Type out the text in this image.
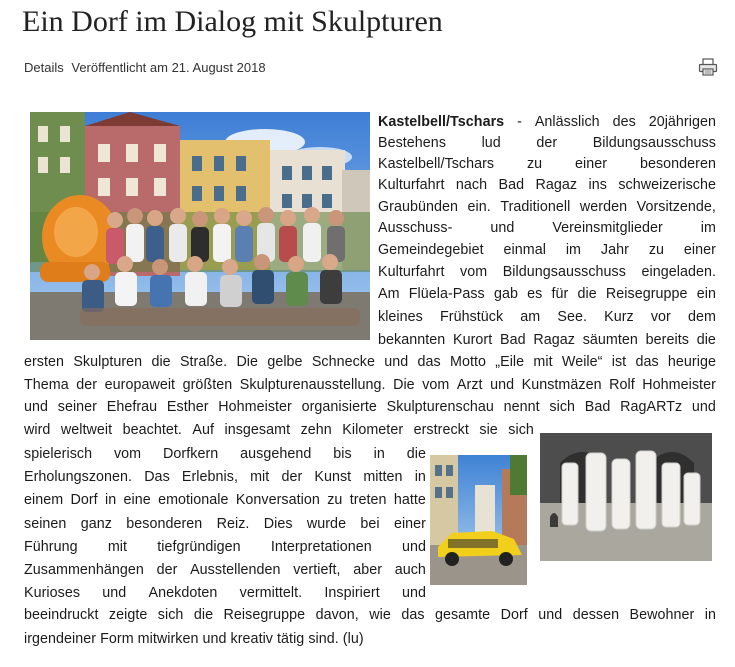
Ein Dorf im Dialog mit Skulpturen
Details Veröffentlicht am 21. August 2018
Kastelbell/Tschars - Anlässlich des 20jährigen
Bestehens lud der Bildungsausschuss
Kastelbell/Tschars zu einer besonderen
Kulturfahrt nach Bad Ragaz ins schweizerische
Graubünden ein. Traditionell werden Vorsitzende,
Ausschuss-	und	Vereinsmitglieder	im
Gemeindegebiet einmal im Jahr zu einer
Kulturfahrt vom Bildungsausschuss eingeladen.
Am Flüela-Pass gab es für die Reisegruppe ein
kleines Frühstück am See. Kurz vor dem
bekannten Kurort Bad Ragaz säumten bereits die
ersten Skulpturen die Straße. Die gelbe Schnecke und das Motto „Eile mit Weile“ ist das heurige
Thema der europaweit größten Skulpturenausstellung. Die vom Arzt und Kunstmäzen Rolf Hohmeister
und seiner Ehefrau Esther Hohmeister organisierte Skulpturenschau nennt sich Bad RagARTz und
wird weltweit beachtet. Auf insgesamt zehn Kilometer erstreckt sie sich
spielerisch vom Dorfkern ausgehend bis in die
Erholungszonen. Das Erlebnis, mit der Kunst mitten in
einem Dorf in eine emotionale Konversation zu treten hatte
seinen ganz besonderen Reiz. Dies wurde bei einer
Führung mit tiefgründigen Interpretationen und
Zusammenhängen der Ausstellenden vertieft, aber auch
Kurioses und Anekdoten vermittelt. Inspiriert und
beeindruckt zeigte sich die Reisegruppe davon, wie das gesamte Dorf und dessen Bewohner in
irgendeiner Form mitwirken und kreativ tätig sind. (lu)
